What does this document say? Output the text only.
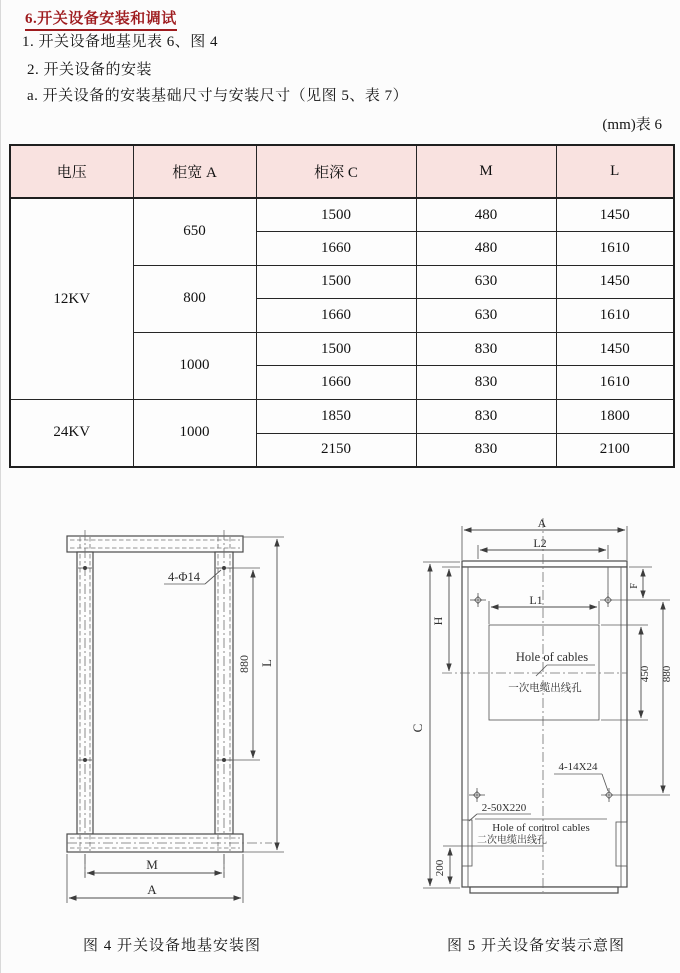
6.开关设备安装和调试
1. 开关设备地基见表 6、图 4
2. 开关设备的安装
a. 开关设备的安装基础尺寸与安装尺寸（见图 5、表 7）
(mm)表 6
电压	柜宽 A	柜深 C	M	L
12KV	650	1500	480	1450
		1660	480	1610
	800	1500	630	1450
		1660	630	1610
	1000	1500	830	1450
		1660	830	1610
24KV	1000	1850	830	1800
		2150	830	2100
4-Φ14
880 L
M
A
A
L2
F
H
C
L1
450 880
200
Hole of cables
一次电缆出线孔
4-14X24
2-50X220
Hole of control cables
二次电缆出线孔
图 4 开关设备地基安装图	图 5 开关设备安装示意图
